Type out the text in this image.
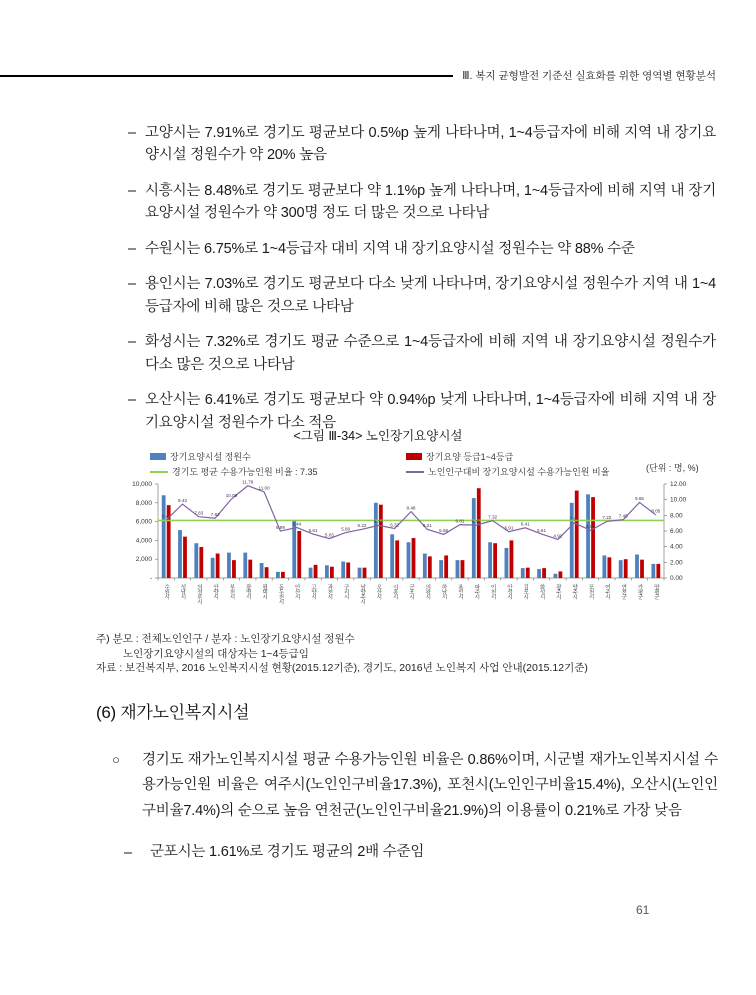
Ⅲ. 복지 균형발전 기준선 실효화를 위한 영역별 현황분석
– 고양시는 7.91%로 경기도 평균보다 0.5%p 높게 나타나며, 1~4등급자에 비해 지역 내 장기요양시설 정원수가 약 20% 높음

– 시흥시는 8.48%로 경기도 평균보다 약 1.1%p 높게 나타나며, 1~4등급자에 비해 지역 내 장기요양시설 정원수가 약 300명 정도 더 많은 것으로 나타남

– 수원시는 6.75%로 1~4등급자 대비 지역 내 장기요양시설 정원수는 약 88% 수준

– 용인시는 7.03%로 경기도 평균보다 다소 낮게 나타나며, 장기요양시설 정원수가 지역 내 1~4등급자에 비해 많은 것으로 나타남

– 화성시는 7.32%로 경기도 평균 수준으로 1~4등급자에 비해 지역 내 장기요양시설 정원수가 다소 많은 것으로 나타남

– 오산시는 6.41%로 경기도 평균보다 약 0.94%p 낮게 나타나며, 1~4등급자에 비해 지역 내 장기요양시설 정원수가 다소 적음

<그림 Ⅲ-34> 노인장기요양시설
장기요양시설 정원수
경기도 평균 수용가능인원 비율 : 7.35
장기요양 등급1~4등급
노인인구대비 장기요양시설 수용가능인원 비율	(단위 : 명, %)
10,000
8,000
6,000
4,000
2,000
-
12.00
10.00
8.00
6.00
4.00
2.00
0.00
7.41
9.43
7.83 7.63
10.08
11.78
11.00
5.99
6.44
5.61
5.03
5.80
6.22
6.72
6.32
8.48
6.21
5.56
6.81 6.75
7.32
5.91
6.41
5.61
4.92
7.03
6.09
7.22 7.45
9.65
8.05
수원시 성남시 의정부시 안양시 부천시 광명시 평택시 동두천시 안산시 고양시 과천시 구리시 남양주시 오산시 시흥시 군포시 의왕시 하남시 용인시 파주시 이천시 안성시 김포시 화성시 광주시 양주시 포천시 여주시 연천군 가평군 양평군
주) 분모 : 전체노인인구 / 분자 : 노인장기요양시설 정원수
노인장기요양시설의 대상자는 1~4등급임
자료 : 보건복지부, 2016 노인복지시설 현황(2015.12기준), 경기도, 2016년 노인복지 사업 안내(2015.12기준)
(6) 재가노인복지시설
○	경기도 재가노인복지시설 평균 수용가능인원 비율은 0.86%이며, 시군별 재가노인복지시설 수용가능인원 비율은 여주시(노인인구비율17.3%), 포천시(노인인구비율15.4%), 오산시(노인인구비율7.4%)의 순으로 높음 연천군(노인인구비율21.9%)의 이용률이 0.21%로 가장 낮음

–	군포시는 1.61%로 경기도 평균의 2배 수준임

61
